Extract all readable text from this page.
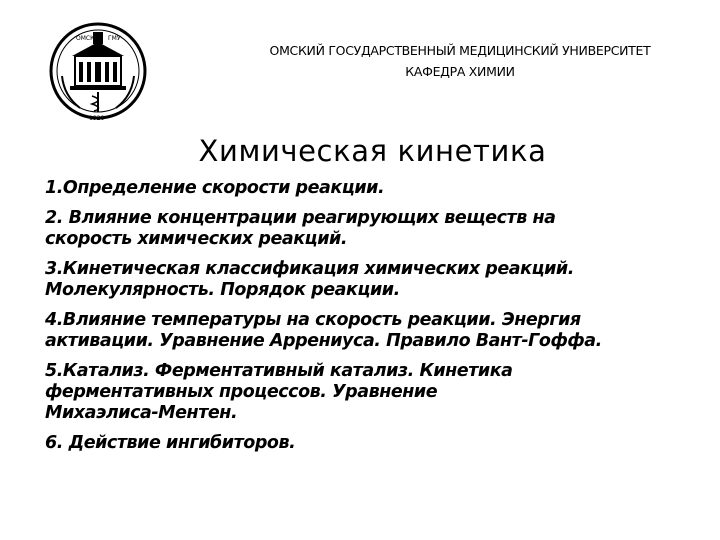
ОМСК ГМУ
1920
ОМСКИЙ ГОСУДАРСТВЕННЫЙ МЕДИЦИНСКИЙ УНИВЕРСИТЕТ
КАФЕДРА ХИМИИ
Химическая кинетика
1.Определение скорости реакции.
2. Влияние концентрации реагирующих веществ на
скорость химических реакций.
3.Кинетическая классификация химических реакций.
Молекулярность. Порядок реакции.
4.Влияние температуры на скорость реакции. Энергия
активации. Уравнение Аррениуса. Правило Вант-Гоффа.
5.Катализ. Ферментативный катализ. Кинетика
ферментативных процессов. Уравнение
Михаэлиса-Ментен.
6. Действие ингибиторов.
